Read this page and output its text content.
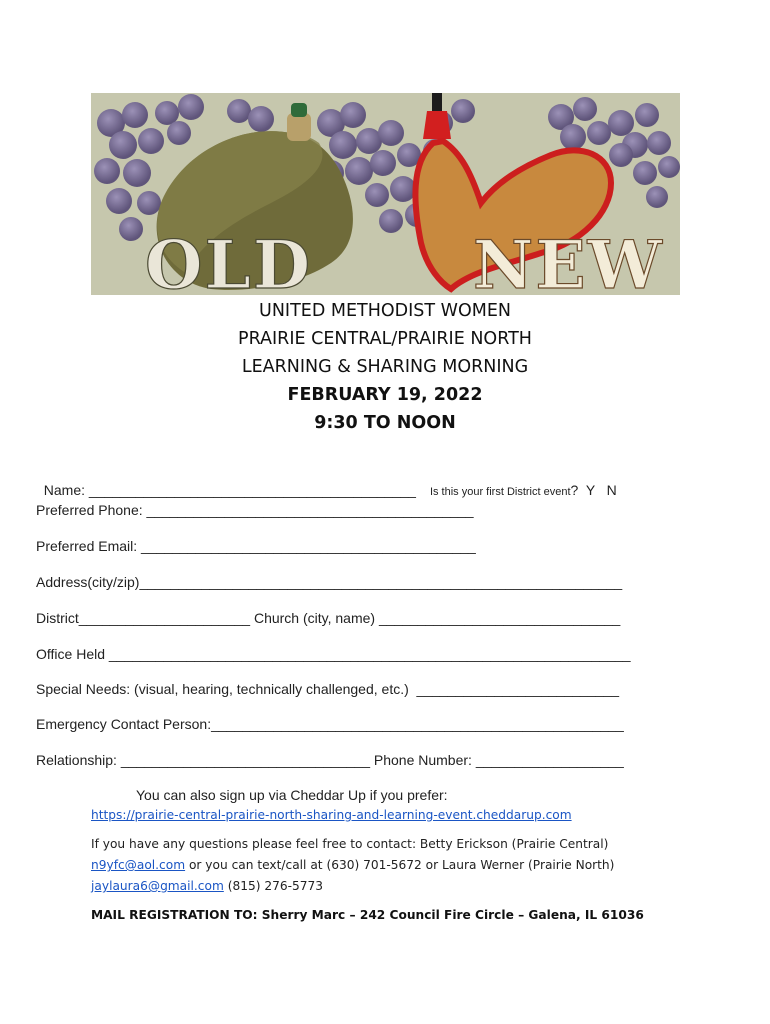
OLD NEW
UNITED METHODIST WOMEN
PRAIRIE CENTRAL/PRAIRIE NORTH
LEARNING & SHARING MORNING
FEBRUARY 19, 2022
9:30 TO NOON

Name: __________________________________________ Is this your first District event?  Y   N

Preferred Phone: __________________________________________
Preferred Email: ___________________________________________
Address(city/zip)______________________________________________________________
District______________________ Church (city, name) _______________________________
Office Held ___________________________________________________________________
Special Needs: (visual, hearing, technically challenged, etc.)  __________________________
Emergency Contact Person:_____________________________________________________
Relationship: ________________________________ Phone Number: ___________________
You can also sign up via Cheddar Up if you prefer:
https://prairie-central-prairie-north-sharing-and-learning-event.cheddarup.com
If you have any questions please feel free to contact: Betty Erickson (Prairie Central)
n9yfc@aol.com or you can text/call at (630) 701-5672 or Laura Werner (Prairie North)
jaylaura6@gmail.com (815) 276-5773
MAIL REGISTRATION TO: Sherry Marc – 242 Council Fire Circle – Galena, IL 61036
